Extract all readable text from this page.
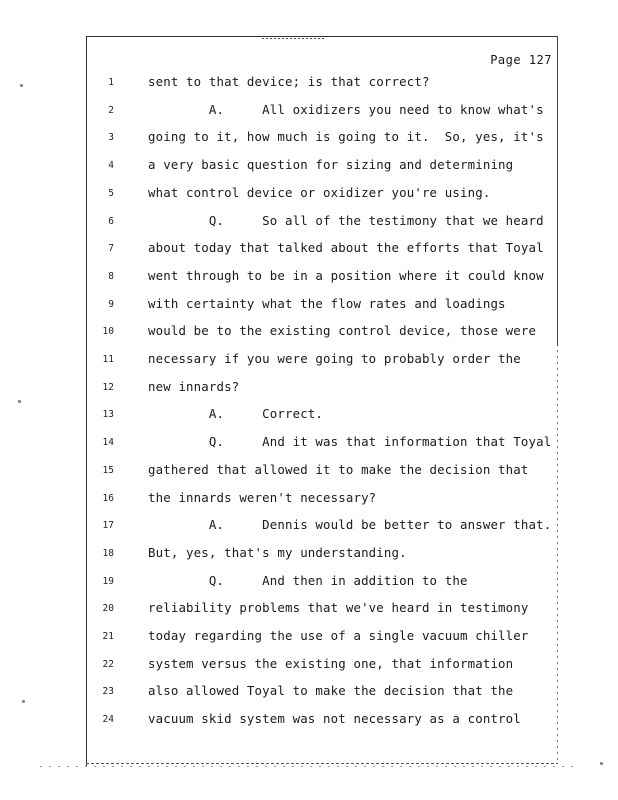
Page 127
1	sent to that device; is that correct?
2	A.     All oxidizers you need to know what's
3	going to it, how much is going to it.  So, yes, it's
4	a very basic question for sizing and determining
5	what control device or oxidizer you're using.
6	Q.     So all of the testimony that we heard
7	about today that talked about the efforts that Toyal
8	went through to be in a position where it could know
9	with certainty what the flow rates and loadings
10	would be to the existing control device, those were
11	necessary if you were going to probably order the
12	new innards?
13	A.     Correct.
14	Q.     And it was that information that Toyal
15	gathered that allowed it to make the decision that
16	the innards weren't necessary?
17	A.     Dennis would be better to answer that.
18	But, yes, that's my understanding.
19	Q.     And then in addition to the
20	reliability problems that we've heard in testimony
21	today regarding the use of a single vacuum chiller
22	system versus the existing one, that information
23	also allowed Toyal to make the decision that the
24	vacuum skid system was not necessary as a control
